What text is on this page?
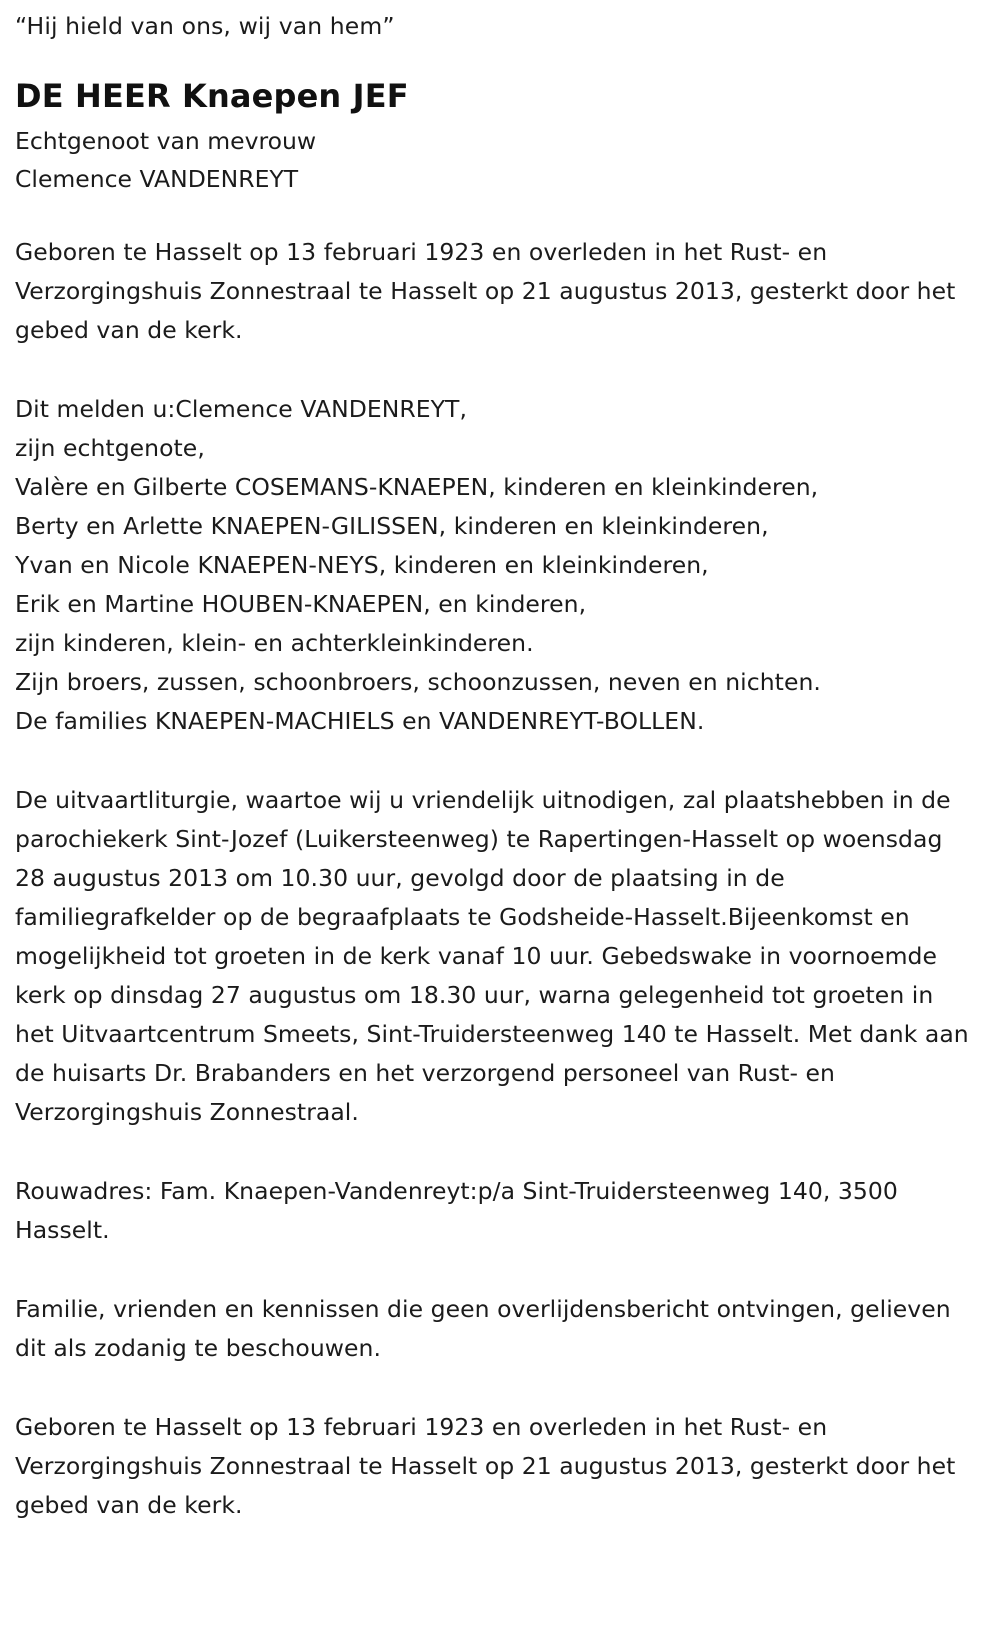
“Hij hield van ons, wij van hem”
DE HEER Knaepen JEF
Echtgenoot van mevrouw
Clemence VANDENREYT

Geboren te Hasselt op 13 februari 1923 en overleden in het Rust- en Verzorgingshuis Zonnestraal te Hasselt op 21 augustus 2013, gesterkt door het gebed van de kerk.

Dit melden u:Clemence VANDENREYT,
zijn echtgenote,
Valère en Gilberte COSEMANS-KNAEPEN, kinderen en kleinkinderen,
Berty en Arlette KNAEPEN-GILISSEN, kinderen en kleinkinderen,
Yvan en Nicole KNAEPEN-NEYS, kinderen en kleinkinderen,
Erik en Martine HOUBEN-KNAEPEN, en kinderen,
zijn kinderen, klein- en achterkleinkinderen.
Zijn broers, zussen, schoonbroers, schoonzussen, neven en nichten.
De families KNAEPEN-MACHIELS en VANDENREYT-BOLLEN.

De uitvaartliturgie, waartoe wij u vriendelijk uitnodigen, zal plaatshebben in de parochiekerk Sint-Jozef (Luikersteenweg) te Rapertingen-Hasselt op woensdag 28 augustus 2013 om 10.30 uur, gevolgd door de plaatsing in de familiegrafkelder op de begraafplaats te Godsheide-Hasselt.Bijeenkomst en mogelijkheid tot groeten in de kerk vanaf 10 uur. Gebedswake in voornoemde kerk op dinsdag 27 augustus om 18.30 uur, warna gelegenheid tot groeten in het Uitvaartcentrum Smeets, Sint-Truidersteenweg 140 te Hasselt. Met dank aan de huisarts Dr. Brabanders en het verzorgend personeel van Rust- en Verzorgingshuis Zonnestraal.

Rouwadres: Fam. Knaepen-Vandenreyt:p/a Sint-Truidersteenweg 140, 3500 Hasselt.

Familie, vrienden en kennissen die geen overlijdensbericht ontvingen, gelieven dit als zodanig te beschouwen.

Geboren te Hasselt op 13 februari 1923 en overleden in het Rust- en Verzorgingshuis Zonnestraal te Hasselt op 21 augustus 2013, gesterkt door het gebed van de kerk.
